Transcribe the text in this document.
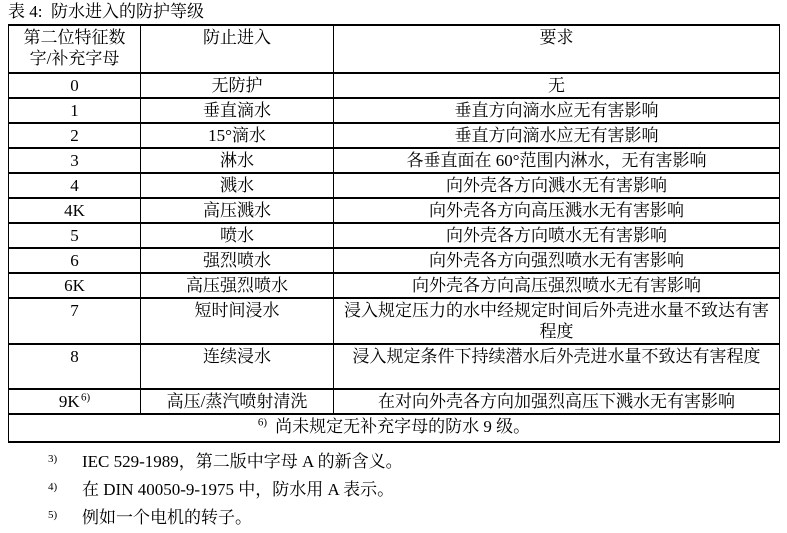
表 4:  防水进入的防护等级
第二位特征数字/补充字母	防止进入	要求
0	无防护	无
1	垂直滴水	垂直方向滴水应无有害影响
2	15°滴水	垂直方向滴水应无有害影响
3	淋水	各垂直面在 60°范围内淋水，无有害影响
4	溅水	向外壳各方向溅水无有害影响
4K	高压溅水	向外壳各方向高压溅水无有害影响
5	喷水	向外壳各方向喷水无有害影响
6	强烈喷水	向外壳各方向强烈喷水无有害影响
6K	高压强烈喷水	向外壳各方向高压强烈喷水无有害影响
7	短时间浸水	浸入规定压力的水中经规定时间后外壳进水量不致达有害程度
8	连续浸水	浸入规定条件下持续潜水后外壳进水量不致达有害程度
9K $^{6)}$	高压/蒸汽喷射清洗	在对向外壳各方向加强烈高压下溅水无有害影响
$^{6)}$ 尚未规定无补充字母的防水 9 级。		
3)	IEC 529-1989，第二版中字母 A 的新含义。
4)	在 DIN 40050-9-1975 中，防水用 A 表示。
5)	例如一个电机的转子。
